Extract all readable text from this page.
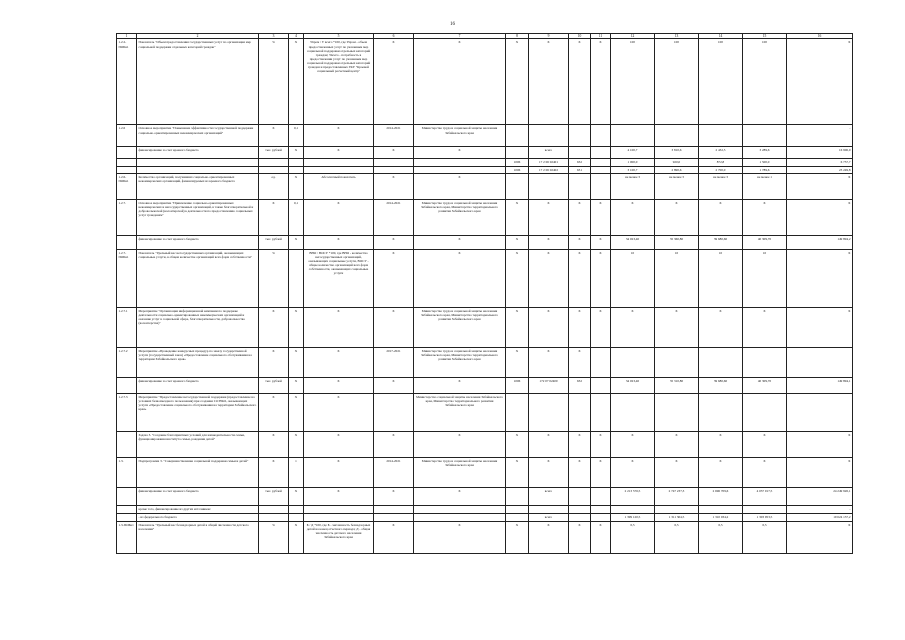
16
1	2	3	4	5	6	7	8	9	10	11	12	13	14	15	16
1.2.2-ПОБн1	Показатель "Объем предоставления государственных услуг по организации мер социальной поддержки отдельных категорий граждан"	%	Х	Упром / У всего *100, где Упром - объем предоставленных услуг по указанным мер социальной поддержки отдельных категорий граждан; Увсего - потребность в предоставлении услуг по указанным мер социальной поддержки отдельных категорий граждан и предоставленных ГКУ "Краевой социальный расчетный центр"	Х	Х	Х	Х	Х	Х	100	100	100	100	Х
1.2.6	Основное мероприятие "Повышение эффективности государственной поддержки социально-ориентированных некоммерческих организаций"	Х	0,1	Х	2014-2021	Министерство труда и социальной защиты населения Забайкальского края									-
	финансирование за счет краевого бюджета	тыс. рублей	Х	Х	Х	Х		всего			4 100,7	3 810,6	2 432,5	3 289,6	16 906,0
							1006	17 2 06 02401	632		1 000,0	920,0	872,8	1 500,0	6 757,7
							1006	17 2 06 02402	631		3 100,7	2 890,6	2 700,0	1 789,6	23 249,8
1.2.6-ПОБн1	Количество организаций, получивших социально-ориентированных некоммерческих организаций, финансируемых из краевого бюджета	ед.	Х	Абсолютный показатель	Х	Х					не менее 3	не менее 3	не менее 3	не менее 1	Х
1.2.7.	Основное мероприятие "Привлечение социально-ориентированных некоммерческих и негосударственных организаций, в также благотворительной и добровольческой (волонтерской) к деятельности по предоставлению социальных услуг гражданам"	Х	0,1	Х	2014-2021	Министерство труда и социальной защиты населения Забайкальского края, Министерство территориального развития Забайкальского края	Х	Х	Х	Х	Х	Х	Х	Х	Х
	финансирование за счет краевого бюджета	тыс. рублей	Х	Х	Х	Х	Х	Х	Х	Х	34 023,40	35 360,80	39 680,60	40 309,70	149 894,2
1.2.7-ПОБн1	Показатель "Удельный вес негосударственных организаций, оказывающих социальные услуги, в общем количестве организаций всех форм собственности"	%		ВНО / ВОСУ *100, где ВНО - количество негосударственных организаций, оказывающих социальные услуги, ВОСУ - общее количество организаций всех форм собственности, оказывающих социальные услуги	Х	Х	Х	Х	Х	Х	10	10	10	10	Х
1.2.7.1	Мероприятие "Организация информационной кампании по поддержке деятельности социально-ориентированных некоммерческих организаций и оказание услуг в социальной сфере, благотворительности, добровольчества (волонтерства)"	Х	Х	Х	Х	Министерство труда и социальной защиты населения Забайкальского края, Министерство территориального развития Забайкальского края	Х	Х	Х	Х	Х	Х	Х	Х	Х
1.2.7.2	Мероприятие «Проведение конкурсных процедур по заказу государственной услуги (государственный заказ) «Предоставление социального обслуживания на территории Забайкальского края»	Х	Х	Х	2017-2021	Министерство труда и социальной защиты населения Забайкальского края, Министерство территориального развития Забайкальского края	Х	Х	Х						
	финансирование за счет краевого бюджета	тыс. рублей	Х	Х	Х	Х	1006	172 07 02400	632		34 023,40	35 310,80	39 680,60	40 309,70	149 894,1
1.2.7.3	Мероприятие "Предоставление негосударственной поддержки (предоставление на условиях безвозмездного пользования) при создании СО НКО, оказывающих услуги «Предоставление социального обслуживания на территории Забайкальского края»	Х	Х	Х		Министерство социальной защиты населения Забайкальского края, Министерство территориального развития Забайкальского края									
	Задача 3. "Создание благоприятных условий для жизнедеятельности семьи, функционирования института семьи, рождения детей"	Х	Х	Х	Х	Х	Х	Х	Х	Х	Х	Х	Х	Х	Х
1.3.	Подпрограмма 3. "Совершенствование социальной поддержки семьи и детей"	Х	1	Х	2014-2021	Министерство труда и социальной защиты населения Забайкальского края	Х	Х	Х	Х	Х	Х	Х	Х	Х
	финансирование за счет краевого бюджета	тыс. рублей	Х	Х	Х	Х		всего			2 213 576,5	2 747 237,3	2 696 709,6	4 037 017,5	24 249 926,1
	кроме того, финансирование из других источников:														-
	- из федерального бюджета							всего			1 399 120,5	1 311 304,5	1 310 034,2	1 303 953,5	19 624 137,2
1.3-ПОБн1	Показатель "Удельный вес безнадзорных детей в общей численности детского населения"	%	Х	Б / Д *100, где Б - численность безнадзорных детей на конец отчетного периода; Д - общая численность детского населения Забайкальского края	Х	Х	Х	Х	Х	Х	0,5	0,5	0,5	0,5	Х
